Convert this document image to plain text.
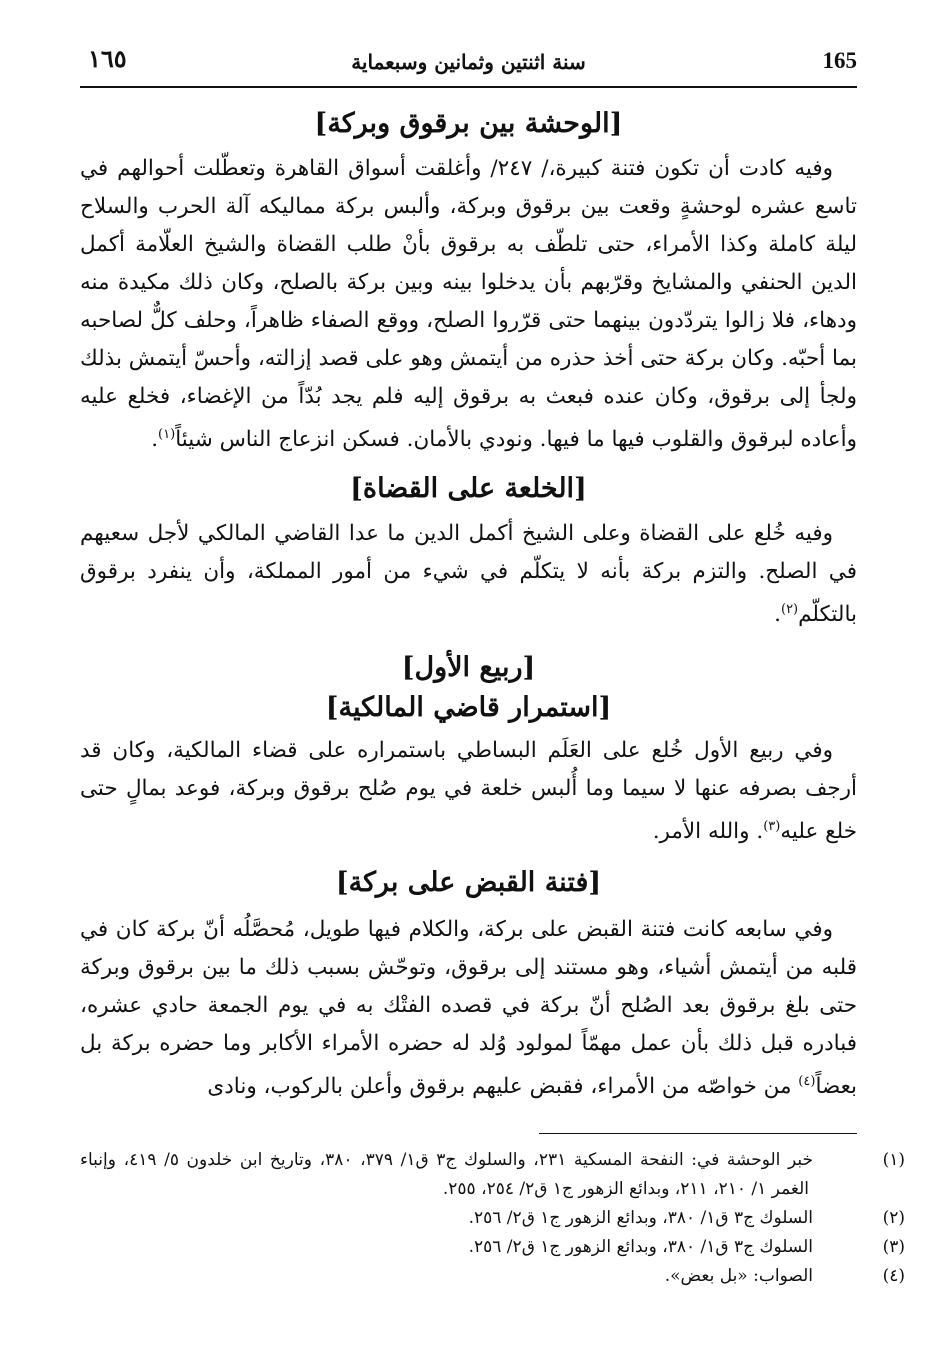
١٦٥	سنة اثنتين وثمانين وسبعماية	165
[الوحشة بين برقوق وبركة]

وفيه كادت أن تكون فتنة كبيرة،/ ٢٤٧/ وأغلقت أسواق القاهرة وتعطّلت أحوالهم في تاسع عشره لوحشةٍ وقعت بين برقوق وبركة، وألبس بركة مماليكه آلة الحرب والسلاح ليلة كاملة وكذا الأمراء، حتى تلطّف به برقوق بأنْ طلب القضاة والشيخ العلّامة أكمل الدين الحنفي والمشايخ وقرّبهم بأن يدخلوا بينه وبين بركة بالصلح، وكان ذلك مكيدة منه ودهاء، فلا زالوا يتردّدون بينهما حتى قرّروا الصلح، ووقع الصفاء ظاهراً، وحلف كلٌّ لصاحبه بما أحبّه. وكان بركة حتى أخذ حذره من أيتمش وهو على قصد إزالته، وأحسّ أيتمش بذلك ولجأ إلى برقوق، وكان عنده فبعث به برقوق إليه فلم يجد بُدّاً من الإغضاء، فخلع عليه وأعاده لبرقوق والقلوب فيها ما فيها. ونودي بالأمان. فسكن انزعاج الناس شيئاً$^{(١)}$.

[الخلعة على القضاة]

وفيه خُلع على القضاة وعلى الشيخ أكمل الدين ما عدا القاضي المالكي لأجل سعيهم في الصلح. والتزم بركة بأنه لا يتكلّم في شيء من أمور المملكة، وأن ينفرد برقوق بالتكلّم$^{(٢)}$.

[ربيع الأول]
[استمرار قاضي المالكية]

وفي ربيع الأول خُلع على العَلَم البساطي باستمراره على قضاء المالكية، وكان قد أرجف بصرفه عنها لا سيما وما أُلبس خلعة في يوم صُلح برقوق وبركة، فوعد بمالٍ حتى خلع عليه$^{(٣)}$. والله الأمر.

[فتنة القبض على بركة]

وفي سابعه كانت فتنة القبض على بركة، والكلام فيها طويل، مُحصَّلُه أنّ بركة كان في قلبه من أيتمش أشياء، وهو مستند إلى برقوق، وتوحّش بسبب ذلك ما بين برقوق وبركة حتى بلغ برقوق بعد الصُلح أنّ بركة في قصده الفتْك به في يوم الجمعة حادي عشره، فبادره قبل ذلك بأن عمل مهمّاً لمولود وُلد له حضره الأمراء الأكابر وما حضره بركة بل بعضاً$^{(٤)}$ من خواصّه من الأمراء، فقبض عليهم برقوق وأعلن بالركوب، ونادى

(١)خبر الوحشة في: النفحة المسكية ٢٣١، والسلوك ج٣ ق١/ ٣٧٩، ٣٨٠، وتاريخ ابن خلدون ٥/ ٤١٩، وإنباء الغمر ١/ ٢١٠، ٢١١، وبدائع الزهور ج١ ق٢/ ٢٥٤، ٢٥٥.

(٢)السلوك ج٣ ق١/ ٣٨٠، وبدائع الزهور ج١ ق٢/ ٢٥٦.

(٣)السلوك ج٣ ق١/ ٣٨٠، وبدائع الزهور ج١ ق٢/ ٢٥٦.

(٤)الصواب: «بل بعض».
